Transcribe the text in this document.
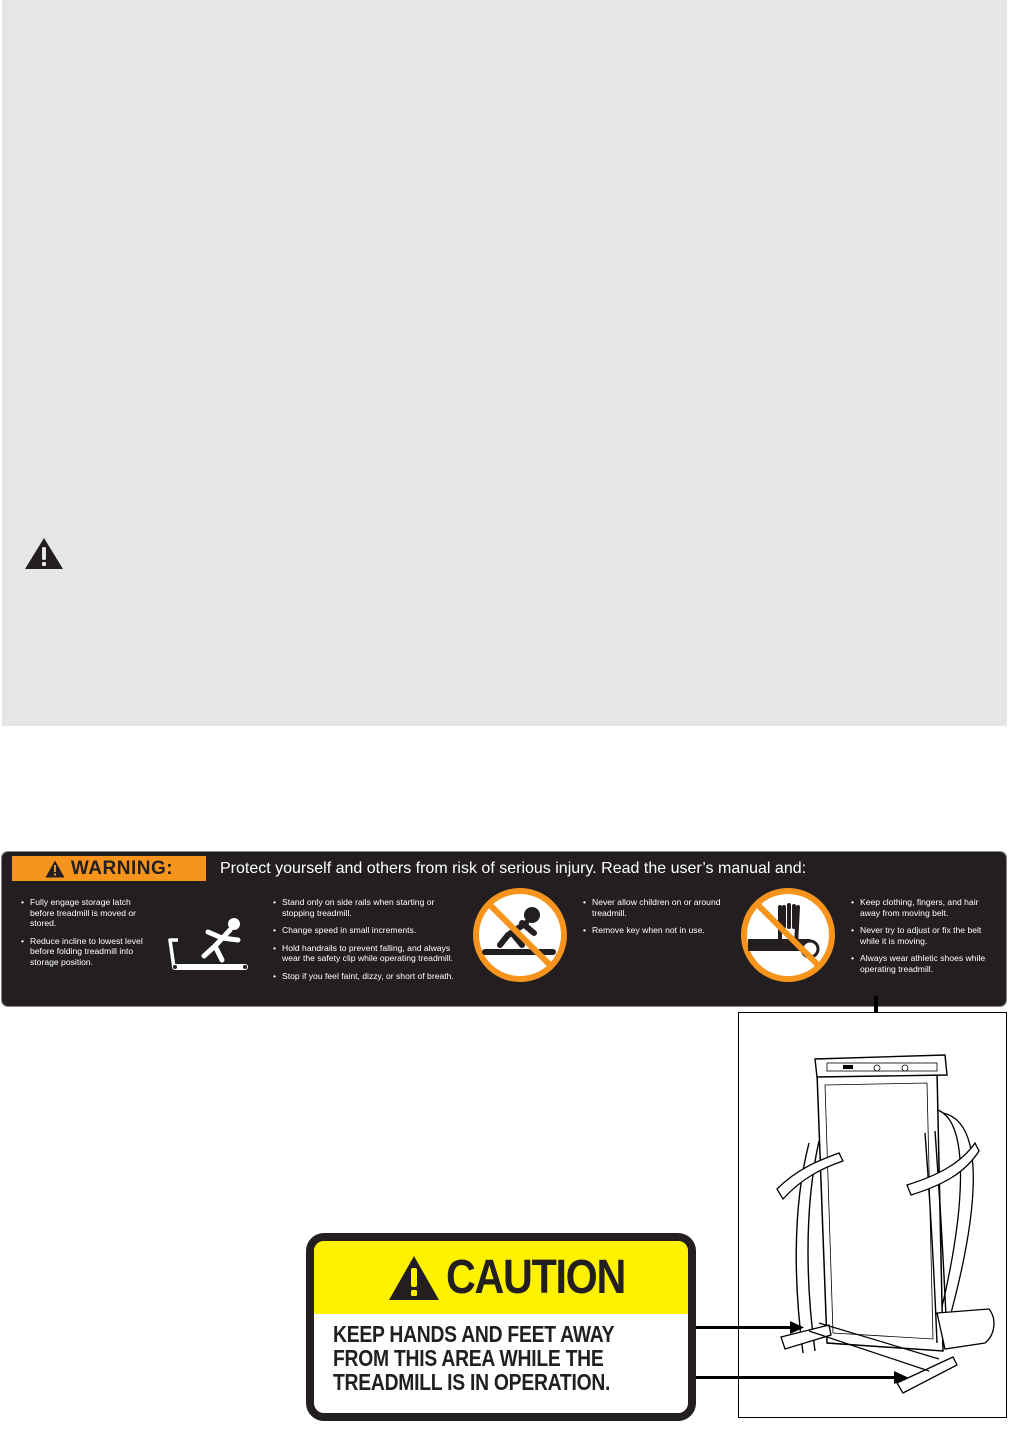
WARNING:	Protect yourself and others from risk of serious injury. Read the user’s manual and:
• Fully engage storage latch before treadmill is moved or stored.
• Reduce incline to lowest level before folding treadmill into storage position.
• Stand only on side rails when starting or stopping treadmill.
• Change speed in small increments.
• Hold handrails to prevent falling, and always wear the safety clip while operating treadmill.
• Stop if you feel faint, dizzy, or short of breath.
• Never allow children on or around treadmill.
• Remove key when not in use.
• Keep clothing, fingers, and hair away from moving belt.
• Never try to adjust or fix the belt while it is moving.
• Always wear athletic shoes while operating treadmill.
CAUTION
KEEP HANDS AND FEET AWAY
FROM THIS AREA WHILE THE
TREADMILL IS IN OPERATION.
